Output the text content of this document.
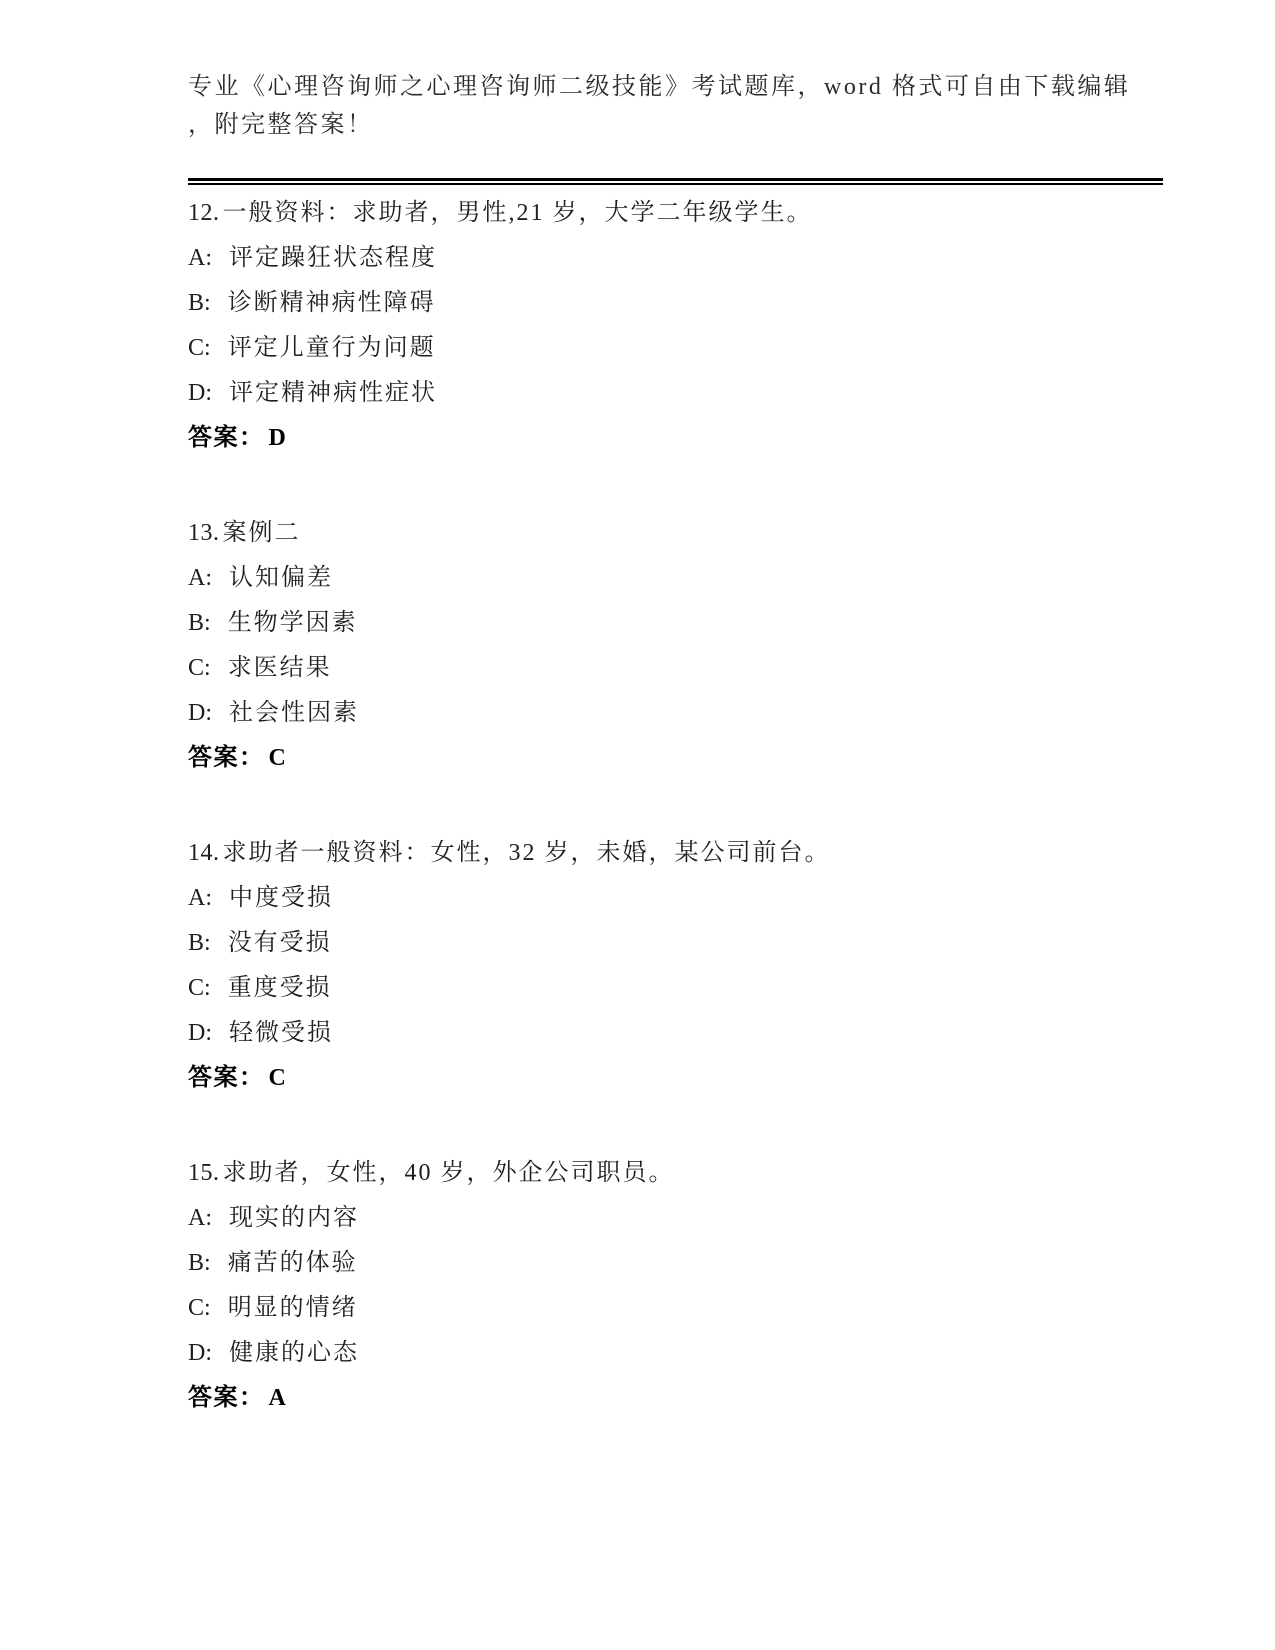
专业《心理咨询师之心理咨询师二级技能》考试题库，word 格式可自由下载编辑
，附完整答案！
12. 一般资料：求助者，男性,21 岁，大学二年级学生。
A: 评定躁狂状态程度
B: 诊断精神病性障碍
C: 评定儿童行为问题
D: 评定精神病性症状
答案： D
13. 案例二
A: 认知偏差
B: 生物学因素
C: 求医结果
D: 社会性因素
答案： C
14. 求助者一般资料：女性，32 岁，未婚，某公司前台。
A: 中度受损
B: 没有受损
C: 重度受损
D: 轻微受损
答案： C
15. 求助者，女性，40 岁，外企公司职员。
A: 现实的内容
B: 痛苦的体验
C: 明显的情绪
D: 健康的心态
答案： A
